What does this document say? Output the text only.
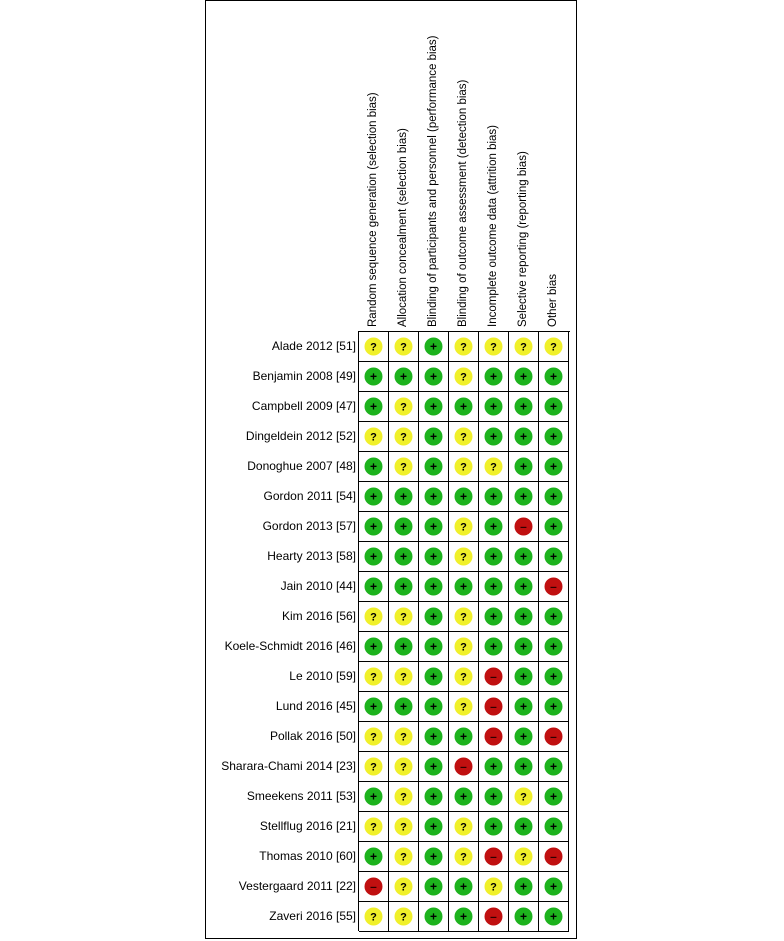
Alade 2012 [51]
Benjamin 2008 [49]
Campbell 2009 [47]
Dingeldein 2012 [52]
Donoghue 2007 [48]
Gordon 2011 [54]
Gordon 2013 [57]
Hearty 2013 [58]
Jain 2010 [44]
Kim 2016 [56]
Koele-Schmidt 2016 [46]
Le 2010 [59]
Lund 2016 [45]
Pollak 2016 [50]
Sharara-Chami 2014 [23]
Smeekens 2011 [53]
Stellflug 2016 [21]
Thomas 2010 [60]
Vestergaard 2011 [22]
Zaveri 2016 [55]
Random sequence generation (selection bias) Allocation concealment (selection bias) Blinding of participants and personnel (performance bias) Blinding of outcome assessment (detection bias) Incomplete outcome data (attrition bias) Selective reporting (reporting bias) Other bias
? ? + ? ? ? ?
+ + + ? + + +
+ ? + + + + +
? ? + ? + + +
+ ? + ? ? + +
+ + + + + + +
+ + + ? + – +
+ + + ? + + +
+ + + + + + –
? ? + ? + + +
+ + + ? + + +
? ? + ? – + +
+ + + ? – + +
? ? + + – + –
? ? + – + + +
+ ? + + + ? +
? ? + ? + + +
+ ? + ? – ? –
– ? + + ? + +
? ? + + – + +
